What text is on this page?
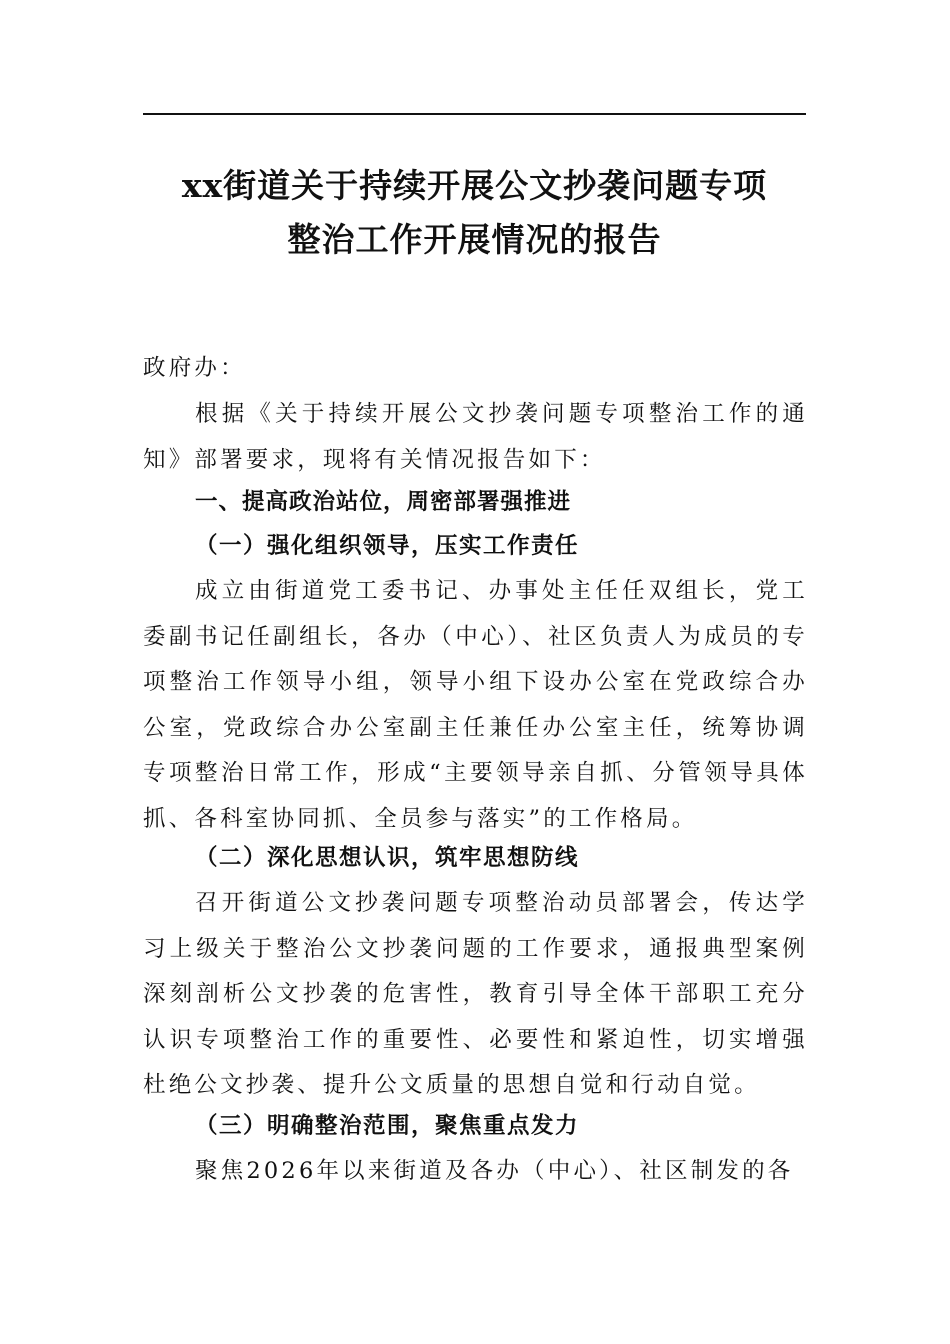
xx街道关于持续开展公文抄袭问题专项
整治工作开展情况的报告

政府办：

根据《关于持续开展公文抄袭问题专项整治工作的通知》部署要求，现将有关情况报告如下：

一、提高政治站位，周密部署强推进

（一）强化组织领导，压实工作责任

成立由街道党工委书记、办事处主任任双组长，党工委副书记任副组长，各办（中心）、社区负责人为成员的专项整治工作领导小组，领导小组下设办公室在党政综合办公室，党政综合办公室副主任兼任办公室主任，统筹协调专项整治日常工作，形成“主要领导亲自抓、分管领导具体抓、各科室协同抓、全员参与落实”的工作格局。

（二）深化思想认识，筑牢思想防线

召开街道公文抄袭问题专项整治动员部署会，传达学习上级关于整治公文抄袭问题的工作要求，通报典型案例深刻剖析公文抄袭的危害性，教育引导全体干部职工充分认识专项整治工作的重要性、必要性和紧迫性，切实增强杜绝公文抄袭、提升公文质量的思想自觉和行动自觉。

（三）明确整治范围，聚焦重点发力

聚焦2026年以来街道及各办（中心）、社区制发的各
